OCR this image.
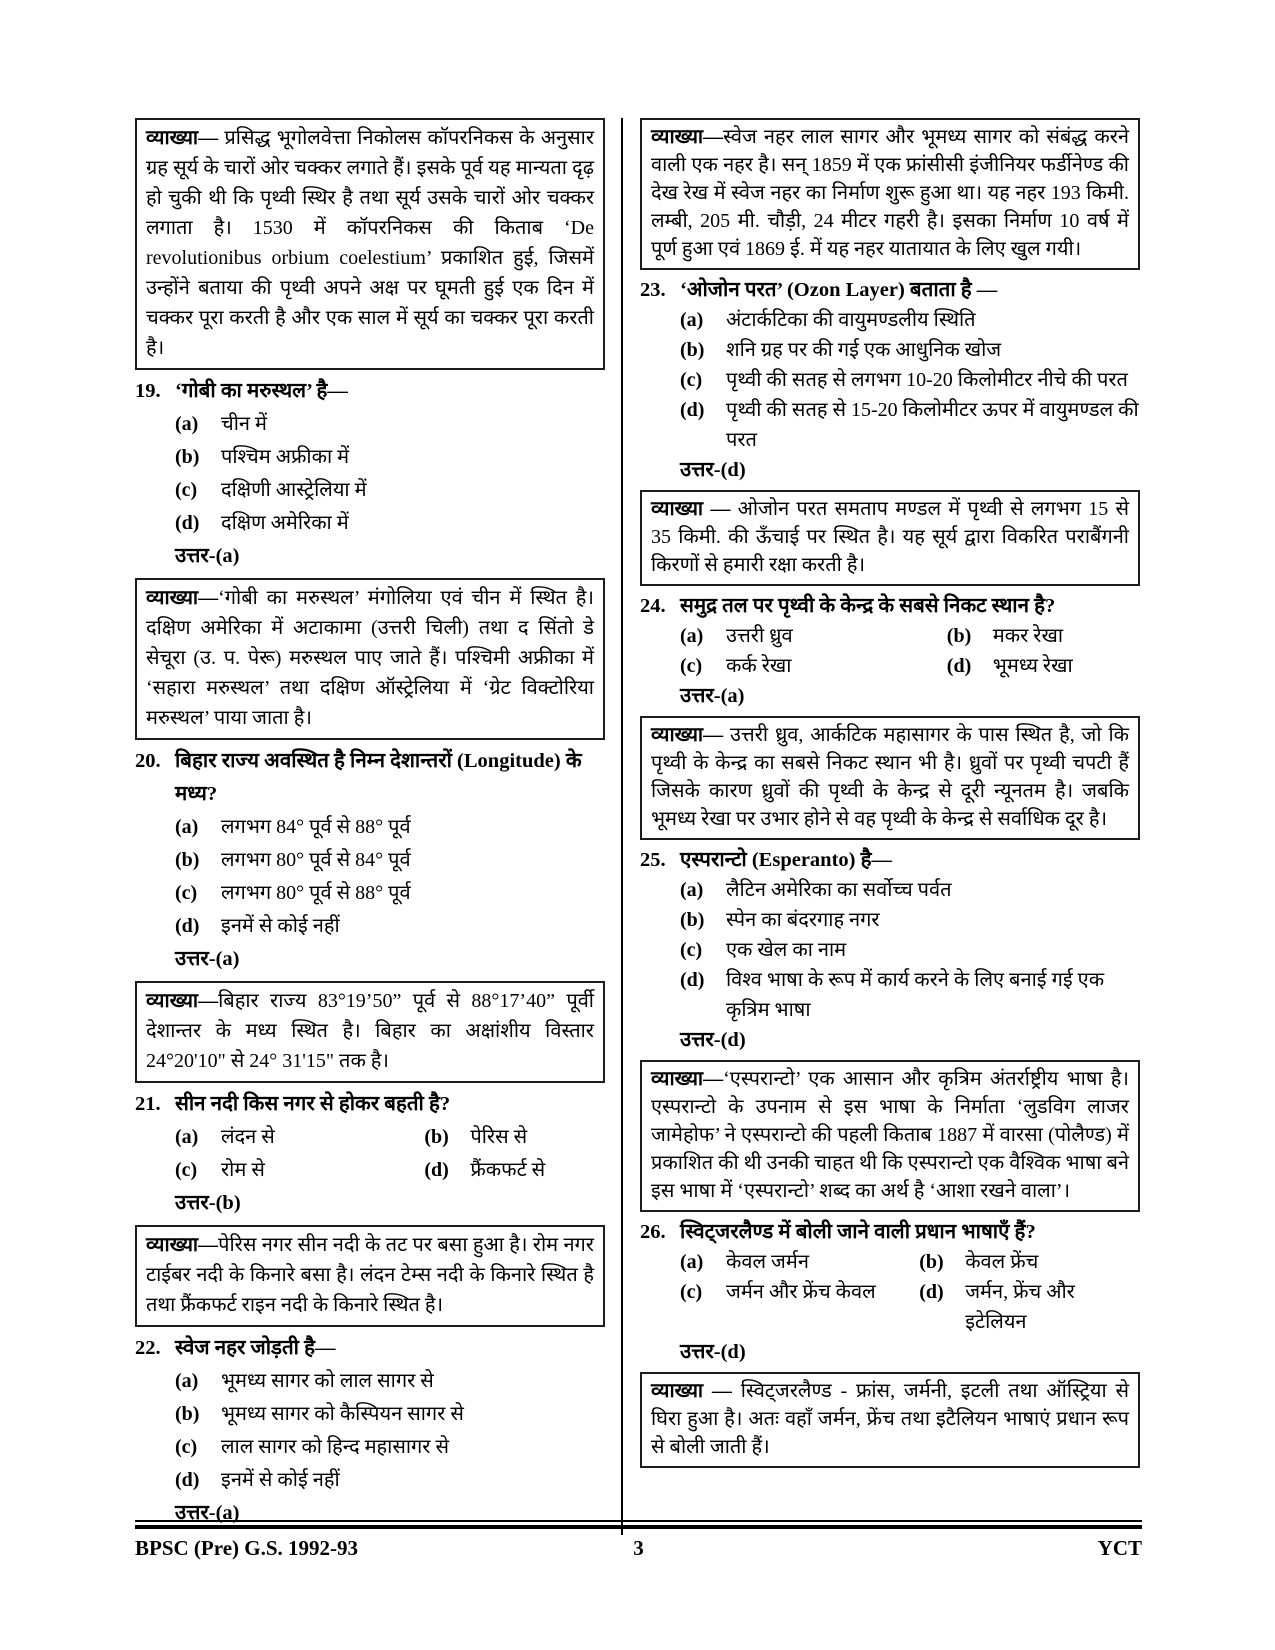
व्याख्या— प्रसिद्ध भूगोलवेत्ता निकोलस कॉपरनिकस के अनुसार ग्रह सूर्य के चारों ओर चक्कर लगाते हैं। इसके पूर्व यह मान्यता दृढ़ हो चुकी थी कि पृथ्वी स्थिर है तथा सूर्य उसके चारों ओर चक्कर लगाता है। 1530 में कॉपरनिकस की किताब ‘De revolutionibus orbium coelestium’ प्रकाशित हुई, जिसमें उन्होंने बताया की पृथ्वी अपने अक्ष पर घूमती हुई एक दिन में चक्कर पूरा करती है और एक साल में सूर्य का चक्कर पूरा करती है।
19. ‘गोबी का मरुस्थल’ है—
(a)	चीन में
(b)	पश्चिम अफ्रीका में
(c)	दक्षिणी आस्ट्रेलिया में
(d)	दक्षिण अमेरिका में
उत्तर-(a)
व्याख्या—‘गोबी का मरुस्थल’ मंगोलिया एवं चीन में स्थित है। दक्षिण अमेरिका में अटाकामा (उत्तरी चिली) तथा द सिंतो डे सेचूरा (उ. प. पेरू) मरुस्थल पाए जाते हैं। पश्चिमी अफ्रीका में ‘सहारा मरुस्थल’ तथा दक्षिण ऑस्ट्रेलिया में ‘ग्रेट विक्टोरिया मरुस्थल’ पाया जाता है।
20. बिहार राज्य अवस्थित है निम्न देशान्तरों (Longitude) के मध्य?
(a)	लगभग 84° पूर्व से 88° पूर्व
(b)	लगभग 80° पूर्व से 84° पूर्व
(c)	लगभग 80° पूर्व से 88° पूर्व
(d)	इनमें से कोई नहीं
उत्तर-(a)
व्याख्या—बिहार राज्य 83°19’50” पूर्व से 88°17’40” पूर्वी देशान्तर के मध्य स्थित है। बिहार का अक्षांशीय विस्तार 24°20'10" से 24° 31'15" तक है।
21. सीन नदी किस नगर से होकर बहती है?
(a)	लंदन से	(b)	पेरिस से
(c)	रोम से	(d)	फ्रैंकफर्ट से
उत्तर-(b)
व्याख्या—पेरिस नगर सीन नदी के तट पर बसा हुआ है। रोम नगर टाईबर नदी के किनारे बसा है। लंदन टेम्स नदी के किनारे स्थित है तथा फ्रैंकफर्ट राइन नदी के किनारे स्थित है।
22. स्वेज नहर जोड़ती है—
(a)	भूमध्य सागर को लाल सागर से
(b)	भूमध्य सागर को कैस्पियन सागर से
(c)	लाल सागर को हिन्द महासागर से
(d)	इनमें से कोई नहीं
उत्तर-(a)
व्याख्या—स्वेज नहर लाल सागर और भूमध्य सागर को संबंद्ध करने वाली एक नहर है। सन् 1859 में एक फ्रांसीसी इंजीनियर फर्डीनेण्ड की देख रेख में स्वेज नहर का निर्माण शुरू हुआ था। यह नहर 193 किमी. लम्बी, 205 मी. चौड़ी, 24 मीटर गहरी है। इसका निर्माण 10 वर्ष में पूर्ण हुआ एवं 1869 ई. में यह नहर यातायात के लिए खुल गयी।
23. ‘ओजोन परत’ (Ozon Layer) बताता है —
(a)	अंटार्कटिका की वायुमण्डलीय स्थिति
(b)	शनि ग्रह पर की गई एक आधुनिक खोज
(c)	पृथ्वी की सतह से लगभग 10-20 किलोमीटर नीचे की परत
(d)	पृथ्वी की सतह से 15-20 किलोमीटर ऊपर में वायुमण्डल की परत
उत्तर-(d)
व्याख्या — ओजोन परत समताप मण्डल में पृथ्वी से लगभग 15 से 35 किमी. की ऊँचाई पर स्थित है। यह सूर्य द्वारा विकरित पराबैंगनी किरणों से हमारी रक्षा करती है।
24. समुद्र तल पर पृथ्वी के केन्द्र के सबसे निकट स्थान है?
(a)	उत्तरी ध्रुव	(b)	मकर रेखा
(c)	कर्क रेखा	(d)	भूमध्य रेखा
उत्तर-(a)
व्याख्या— उत्तरी ध्रुव, आर्कटिक महासागर के पास स्थित है, जो कि पृथ्वी के केन्द्र का सबसे निकट स्थान भी है। ध्रुवों पर पृथ्वी चपटी हैं जिसके कारण ध्रुवों की पृथ्वी के केन्द्र से दूरी न्यूनतम है। जबकि भूमध्य रेखा पर उभार होने से वह पृथ्वी के केन्द्र से सर्वाधिक दूर है।
25. एस्परान्टो (Esperanto) है—
(a)	लैटिन अमेरिका का सर्वोच्च पर्वत
(b)	स्पेन का बंदरगाह नगर
(c)	एक खेल का नाम
(d)	विश्व भाषा के रूप में कार्य करने के लिए बनाई गई एक कृत्रिम भाषा
उत्तर-(d)
व्याख्या—‘एस्परान्टो’ एक आसान और कृत्रिम अंतर्राष्ट्रीय भाषा है। एस्परान्टो के उपनाम से इस भाषा के निर्माता ‘लुडविग लाजर जामेहोफ’ ने एस्परान्टो की पहली किताब 1887 में वारसा (पोलैण्ड) में प्रकाशित की थी उनकी चाहत थी कि एस्परान्टो एक वैश्विक भाषा बने इस भाषा में ‘एस्परान्टो’ शब्द का अर्थ है ‘आशा रखने वाला’।
26. स्विट्जरलैण्ड में बोली जाने वाली प्रधान भाषाएँ हैं?
(a)	केवल जर्मन	(b)	केवल फ्रेंच
(c)	जर्मन और फ्रेंच केवल	(d)	जर्मन, फ्रेंच और इटेलियन
उत्तर-(d)
व्याख्या — स्विट्जरलैण्ड - फ्रांस, जर्मनी, इटली तथा ऑस्ट्रिया से घिरा हुआ है। अतः वहाँ जर्मन, फ्रेंच तथा इटैलियन भाषाएं प्रधान रूप से बोली जाती हैं।
BPSC (Pre) G.S. 1992-93	3	YCT
